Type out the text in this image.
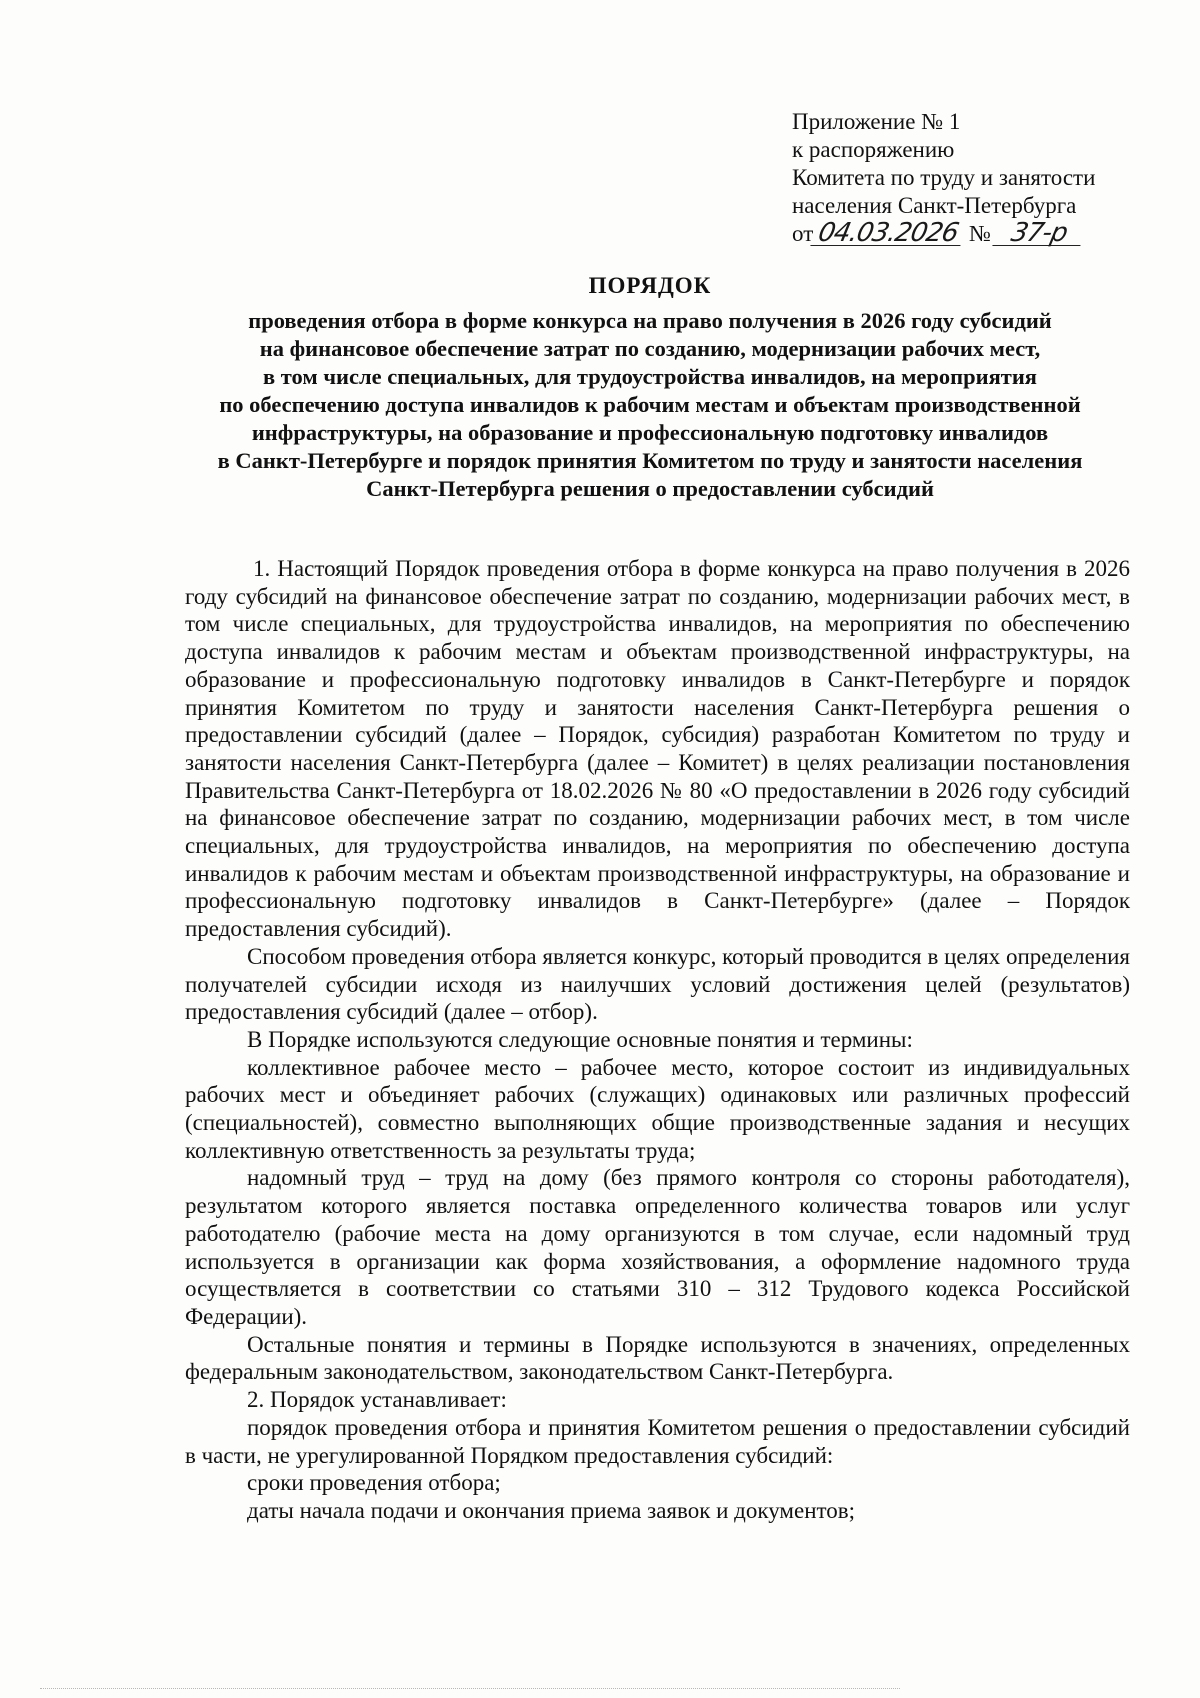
Приложение № 1
к распоряжению
Комитета по труду и занятости
населения Санкт-Петербурга
от04.03.2026 № 37-р
ПОРЯДОК
проведения отбора в форме конкурса на право получения в 2026 году субсидий
на финансовое обеспечение затрат по созданию, модернизации рабочих мест,
в том числе специальных, для трудоустройства инвалидов, на мероприятия
по обеспечению доступа инвалидов к рабочим местам и объектам производственной
инфраструктуры, на образование и профессиональную подготовку инвалидов
в Санкт-Петербурге и порядок принятия Комитетом по труду и занятости населения
Санкт-Петербурга решения о предоставлении субсидий

1. Настоящий Порядок проведения отбора в форме конкурса на право получения в 2026 году субсидий на финансовое обеспечение затрат по созданию, модернизации рабочих мест, в том числе специальных, для трудоустройства инвалидов, на мероприятия по обеспечению доступа инвалидов к рабочим местам и объектам производственной инфраструктуры, на образование и профессиональную подготовку инвалидов в Санкт-Петербурге и порядок принятия Комитетом по труду и занятости населения Санкт-Петербурга решения о предоставлении субсидий (далее – Порядок, субсидия) разработан Комитетом по труду и занятости населения Санкт-Петербурга (далее – Комитет) в целях реализации постановления Правительства Санкт-Петербурга от 18.02.2026 № 80 «О предоставлении в 2026 году субсидий на финансовое обеспечение затрат по созданию, модернизации рабочих мест, в том числе специальных, для трудоустройства инвалидов, на мероприятия по обеспечению доступа инвалидов к рабочим местам и объектам производственной инфраструктуры, на образование и профессиональную подготовку инвалидов в Санкт-Петербурге» (далее – Порядок предоставления субсидий).

Способом проведения отбора является конкурс, который проводится в целях определения получателей субсидии исходя из наилучших условий достижения целей (результатов) предоставления субсидий (далее – отбор).

В Порядке используются следующие основные понятия и термины:

коллективное рабочее место – рабочее место, которое состоит из индивидуальных рабочих мест и объединяет рабочих (служащих) одинаковых или различных профессий (специальностей), совместно выполняющих общие производственные задания и несущих коллективную ответственность за результаты труда;

надомный труд – труд на дому (без прямого контроля со стороны работодателя), результатом которого является поставка определенного количества товаров или услуг работодателю (рабочие места на дому организуются в том случае, если надомный труд используется в организации как форма хозяйствования, а оформление надомного труда осуществляется в соответствии со статьями 310 – 312 Трудового кодекса Российской Федерации).

Остальные понятия и термины в Порядке используются в значениях, определенных федеральным законодательством, законодательством Санкт-Петербурга.

2. Порядок устанавливает:

порядок проведения отбора и принятия Комитетом решения о предоставлении субсидий в части, не урегулированной Порядком предоставления субсидий:

сроки проведения отбора;

даты начала подачи и окончания приема заявок и документов;
